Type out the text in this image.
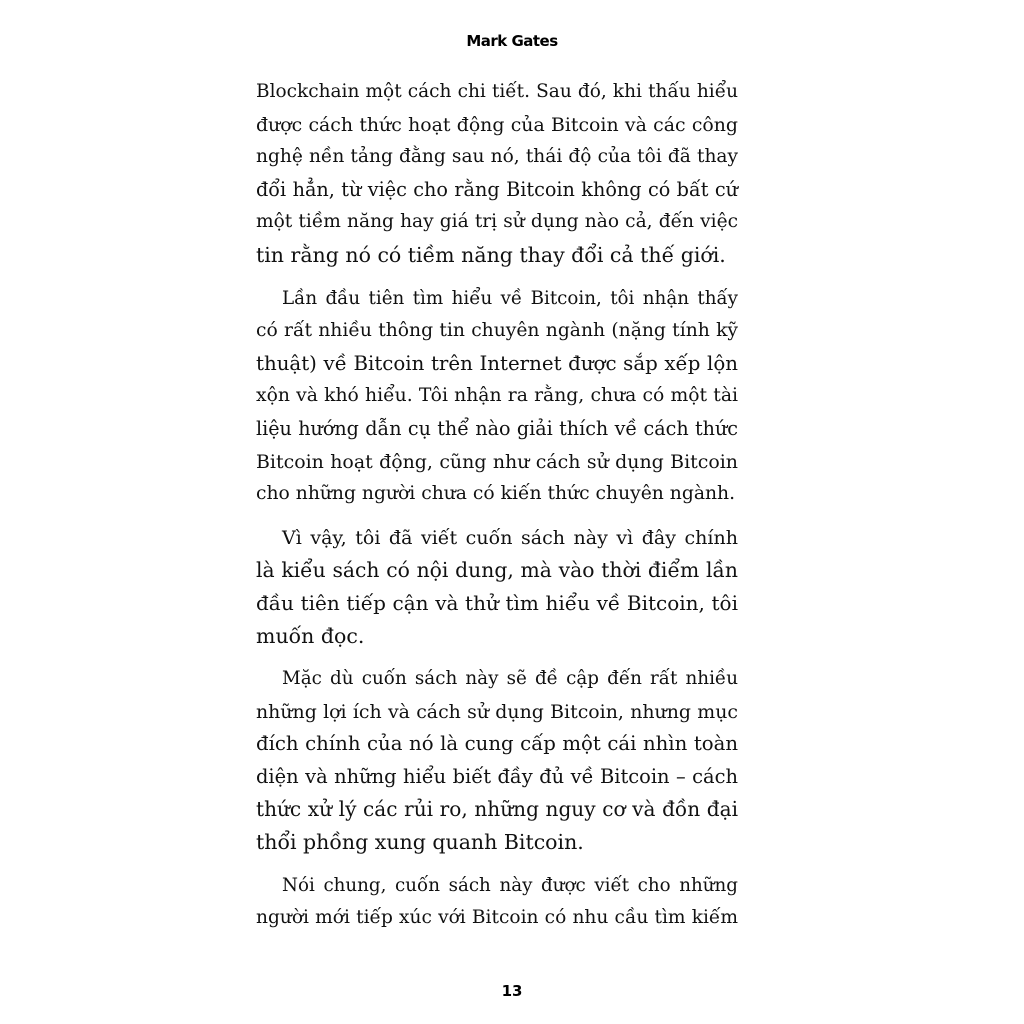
Mark Gates

Blockchain một cách chi tiết. Sau đó, khi thấu hiểu
được cách thức hoạt động của Bitcoin và các công
nghệ nền tảng đằng sau nó, thái độ của tôi đã thay
đổi hẳn, từ việc cho rằng Bitcoin không có bất cứ
một tiềm năng hay giá trị sử dụng nào cả, đến việc
tin rằng nó có tiềm năng thay đổi cả thế giới.

Lần đầu tiên tìm hiểu về Bitcoin, tôi nhận thấy
có rất nhiều thông tin chuyên ngành (nặng tính kỹ
thuật) về Bitcoin trên Internet được sắp xếp lộn
xộn và khó hiểu. Tôi nhận ra rằng, chưa có một tài
liệu hướng dẫn cụ thể nào giải thích về cách thức
Bitcoin hoạt động, cũng như cách sử dụng Bitcoin
cho những người chưa có kiến thức chuyên ngành.

Vì vậy, tôi đã viết cuốn sách này vì đây chính
là kiểu sách có nội dung, mà vào thời điểm lần
đầu tiên tiếp cận và thử tìm hiểu về Bitcoin, tôi
muốn đọc.

Mặc dù cuốn sách này sẽ đề cập đến rất nhiều
những lợi ích và cách sử dụng Bitcoin, nhưng mục
đích chính của nó là cung cấp một cái nhìn toàn
diện và những hiểu biết đầy đủ về Bitcoin – cách
thức xử lý các rủi ro, những nguy cơ và đồn đại
thổi phồng xung quanh Bitcoin.

Nói chung, cuốn sách này được viết cho những
người mới tiếp xúc với Bitcoin có nhu cầu tìm kiếm

13
